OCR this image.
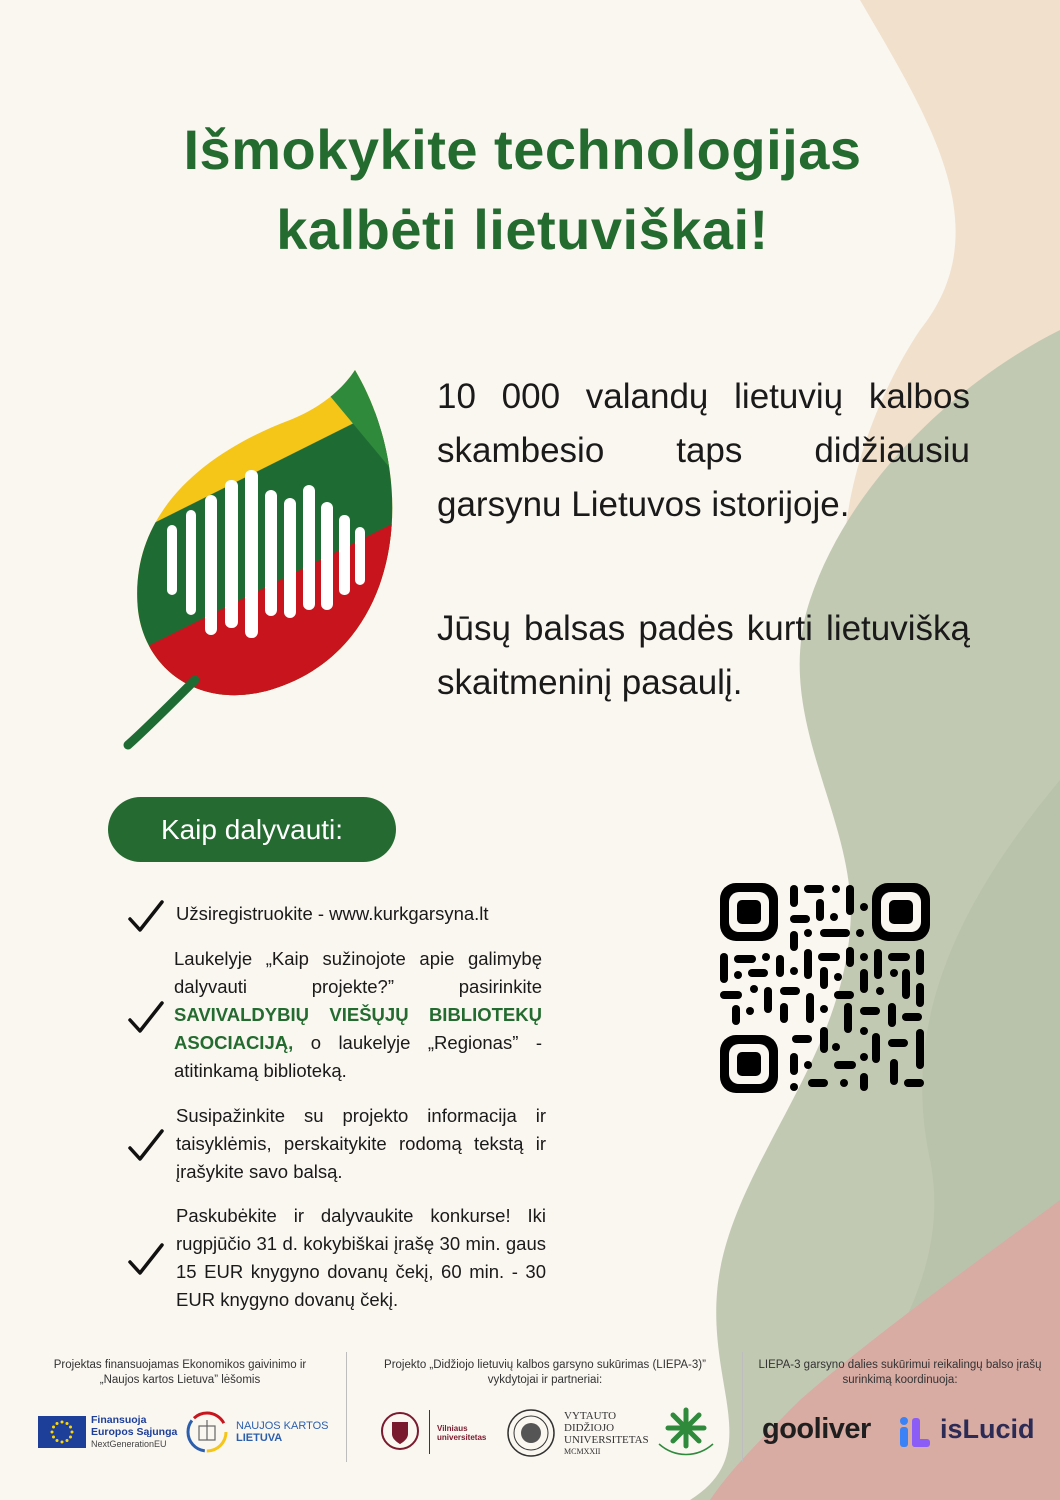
Išmokykite technologijas
kalbėti lietuviškai!
10 000 valandų lietuvių kalbos skambesio taps didžiausiu garsynu Lietuvos istorijoje.
Jūsų balsas padės kurti lietuvišką skaitmeninį pasaulį.
Kaip dalyvauti:
Užsiregistruokite - www.kurkgarsyna.lt
Laukelyje „Kaip sužinojote apie galimybę dalyvauti projekte?” pasirinkite SAVIVALDYBIŲ VIEŠŲJŲ BIBLIOTEKŲ ASOCIACIJĄ, o laukelyje „Regionas” - atitinkamą biblioteką.
Susipažinkite su projekto informacija ir taisyklėmis, perskaitykite rodomą tekstą ir įrašykite savo balsą.
Paskubėkite ir dalyvaukite konkurse! Iki rugpjūčio 31 d. kokybiškai įrašę 30 min. gaus 15 EUR knygyno dovanų čekį, 60 min. - 30 EUR knygyno dovanų čekį.
Projektas finansuojamas Ekonomikos gaivinimo ir
„Naujos kartos Lietuva” lėšomis
Projekto „Didžiojo lietuvių kalbos garsyno sukūrimas (LIEPA-3)”
vykdytojai ir partneriai:
LIEPA-3 garsyno dalies sukūrimui reikalingų balso įrašų
surinkimą koordinuoja:
Finansuoja
Europos Sąjunga
NextGenerationEU
NAUJOS KARTOS
LIETUVA
Vilniaus
universitetas
VYTAUTO
DIDŽIOJO
UNIVERSITETAS
MCMXXII
gooliver	isLucid
